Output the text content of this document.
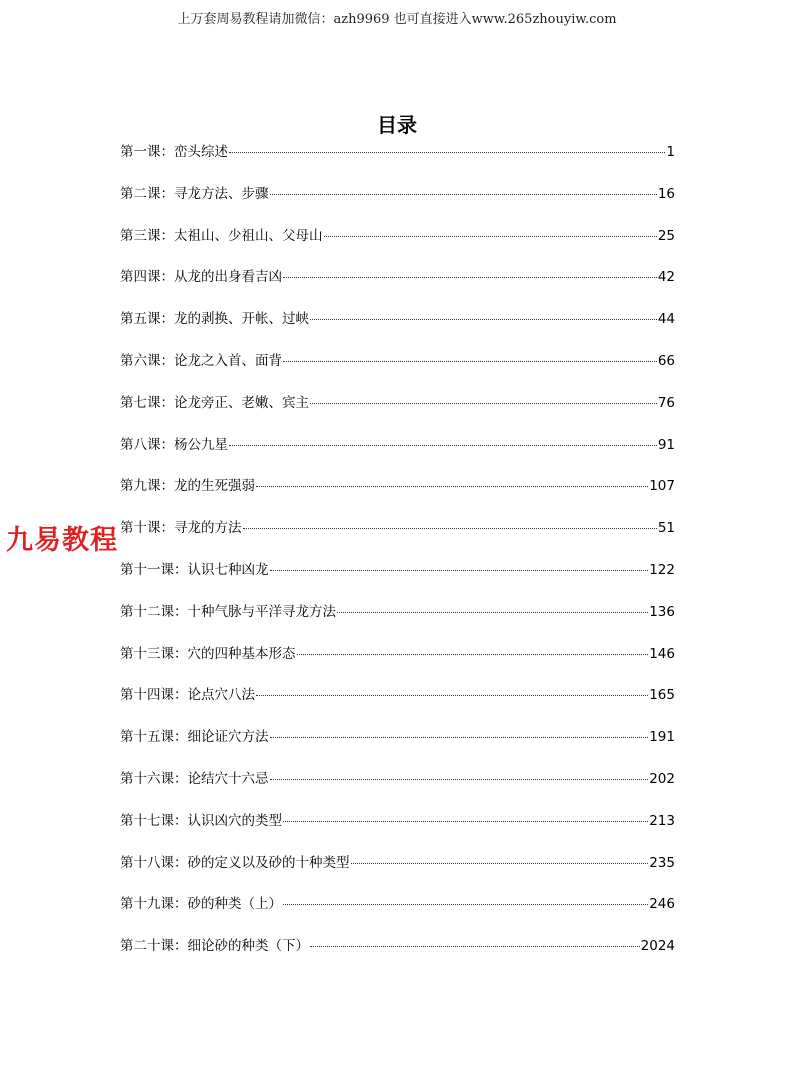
上万套周易教程请加微信：azh9969 也可直接进入www.265zhouyiw.com
目录
第一课：峦头综述	1
第二课：寻龙方法、步骤	16
第三课：太祖山、少祖山、父母山	25
第四课：从龙的出身看吉凶	42
第五课：龙的剥换、开帐、过峡	44
第六课：论龙之入首、面背	66
第七课：论龙旁正、老嫩、宾主	76
第八课：杨公九星	91
第九课：龙的生死强弱	107
第十课：寻龙的方法	51
第十一课：认识七种凶龙	122
第十二课：十种气脉与平洋寻龙方法	136
第十三课：穴的四种基本形态	146
第十四课：论点穴八法	165
第十五课：细论证穴方法	191
第十六课：论结穴十六忌	202
第十七课：认识凶穴的类型	213
第十八课：砂的定义以及砂的十种类型	235
第十九课：砂的种类（上）	246
第二十课：细论砂的种类（下）	2024
九易教程
